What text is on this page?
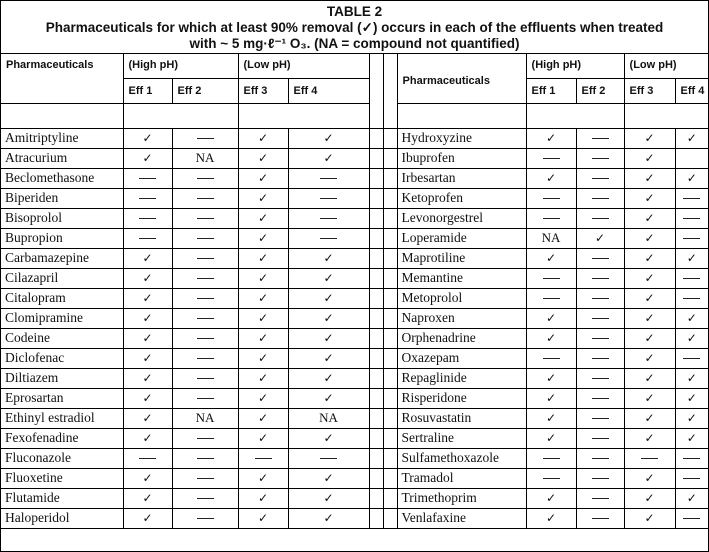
TABLE 2
Pharmaceuticals for which at least 90% removal (✓) occurs in each of the effluents when treated
with ~ 5 mg·ℓ⁻¹ O₃. (NA = compound not quantified)
Pharmaceuticals	(High pH)		(Low pH)				Pharmaceuticals	(High pH)		(Low pH)	
	Eff 1	Eff 2	Eff 3	Eff 4				Eff 1	Eff 2	Eff 3	Eff 4

Amitriptyline	✓		✓	✓			Hydroxyzine	✓		✓	✓
Atracurium	✓	NA	✓	✓			Ibuprofen			✓	
Beclomethasone			✓				Irbesartan	✓		✓	✓
Biperiden			✓				Ketoprofen			✓	
Bisoprolol			✓				Levonorgestrel			✓	
Bupropion			✓				Loperamide	NA	✓	✓	
Carbamazepine	✓		✓	✓			Maprotiline	✓		✓	✓
Cilazapril	✓		✓	✓			Memantine			✓	
Citalopram	✓		✓	✓			Metoprolol			✓	
Clomipramine	✓		✓	✓			Naproxen	✓		✓	✓
Codeine	✓		✓	✓			Orphenadrine	✓		✓	✓
Diclofenac	✓		✓	✓			Oxazepam			✓	
Diltiazem	✓		✓	✓			Repaglinide	✓		✓	✓
Eprosartan	✓		✓	✓			Risperidone	✓		✓	✓
Ethinyl estradiol	✓	NA	✓	NA			Rosuvastatin	✓		✓	✓
Fexofenadine	✓		✓	✓			Sertraline	✓		✓	✓
Fluconazole							Sulfamethoxazole				
Fluoxetine	✓		✓	✓			Tramadol			✓	
Flutamide	✓		✓	✓			Trimethoprim	✓		✓	✓
Haloperidol	✓		✓	✓			Venlafaxine	✓		✓	
